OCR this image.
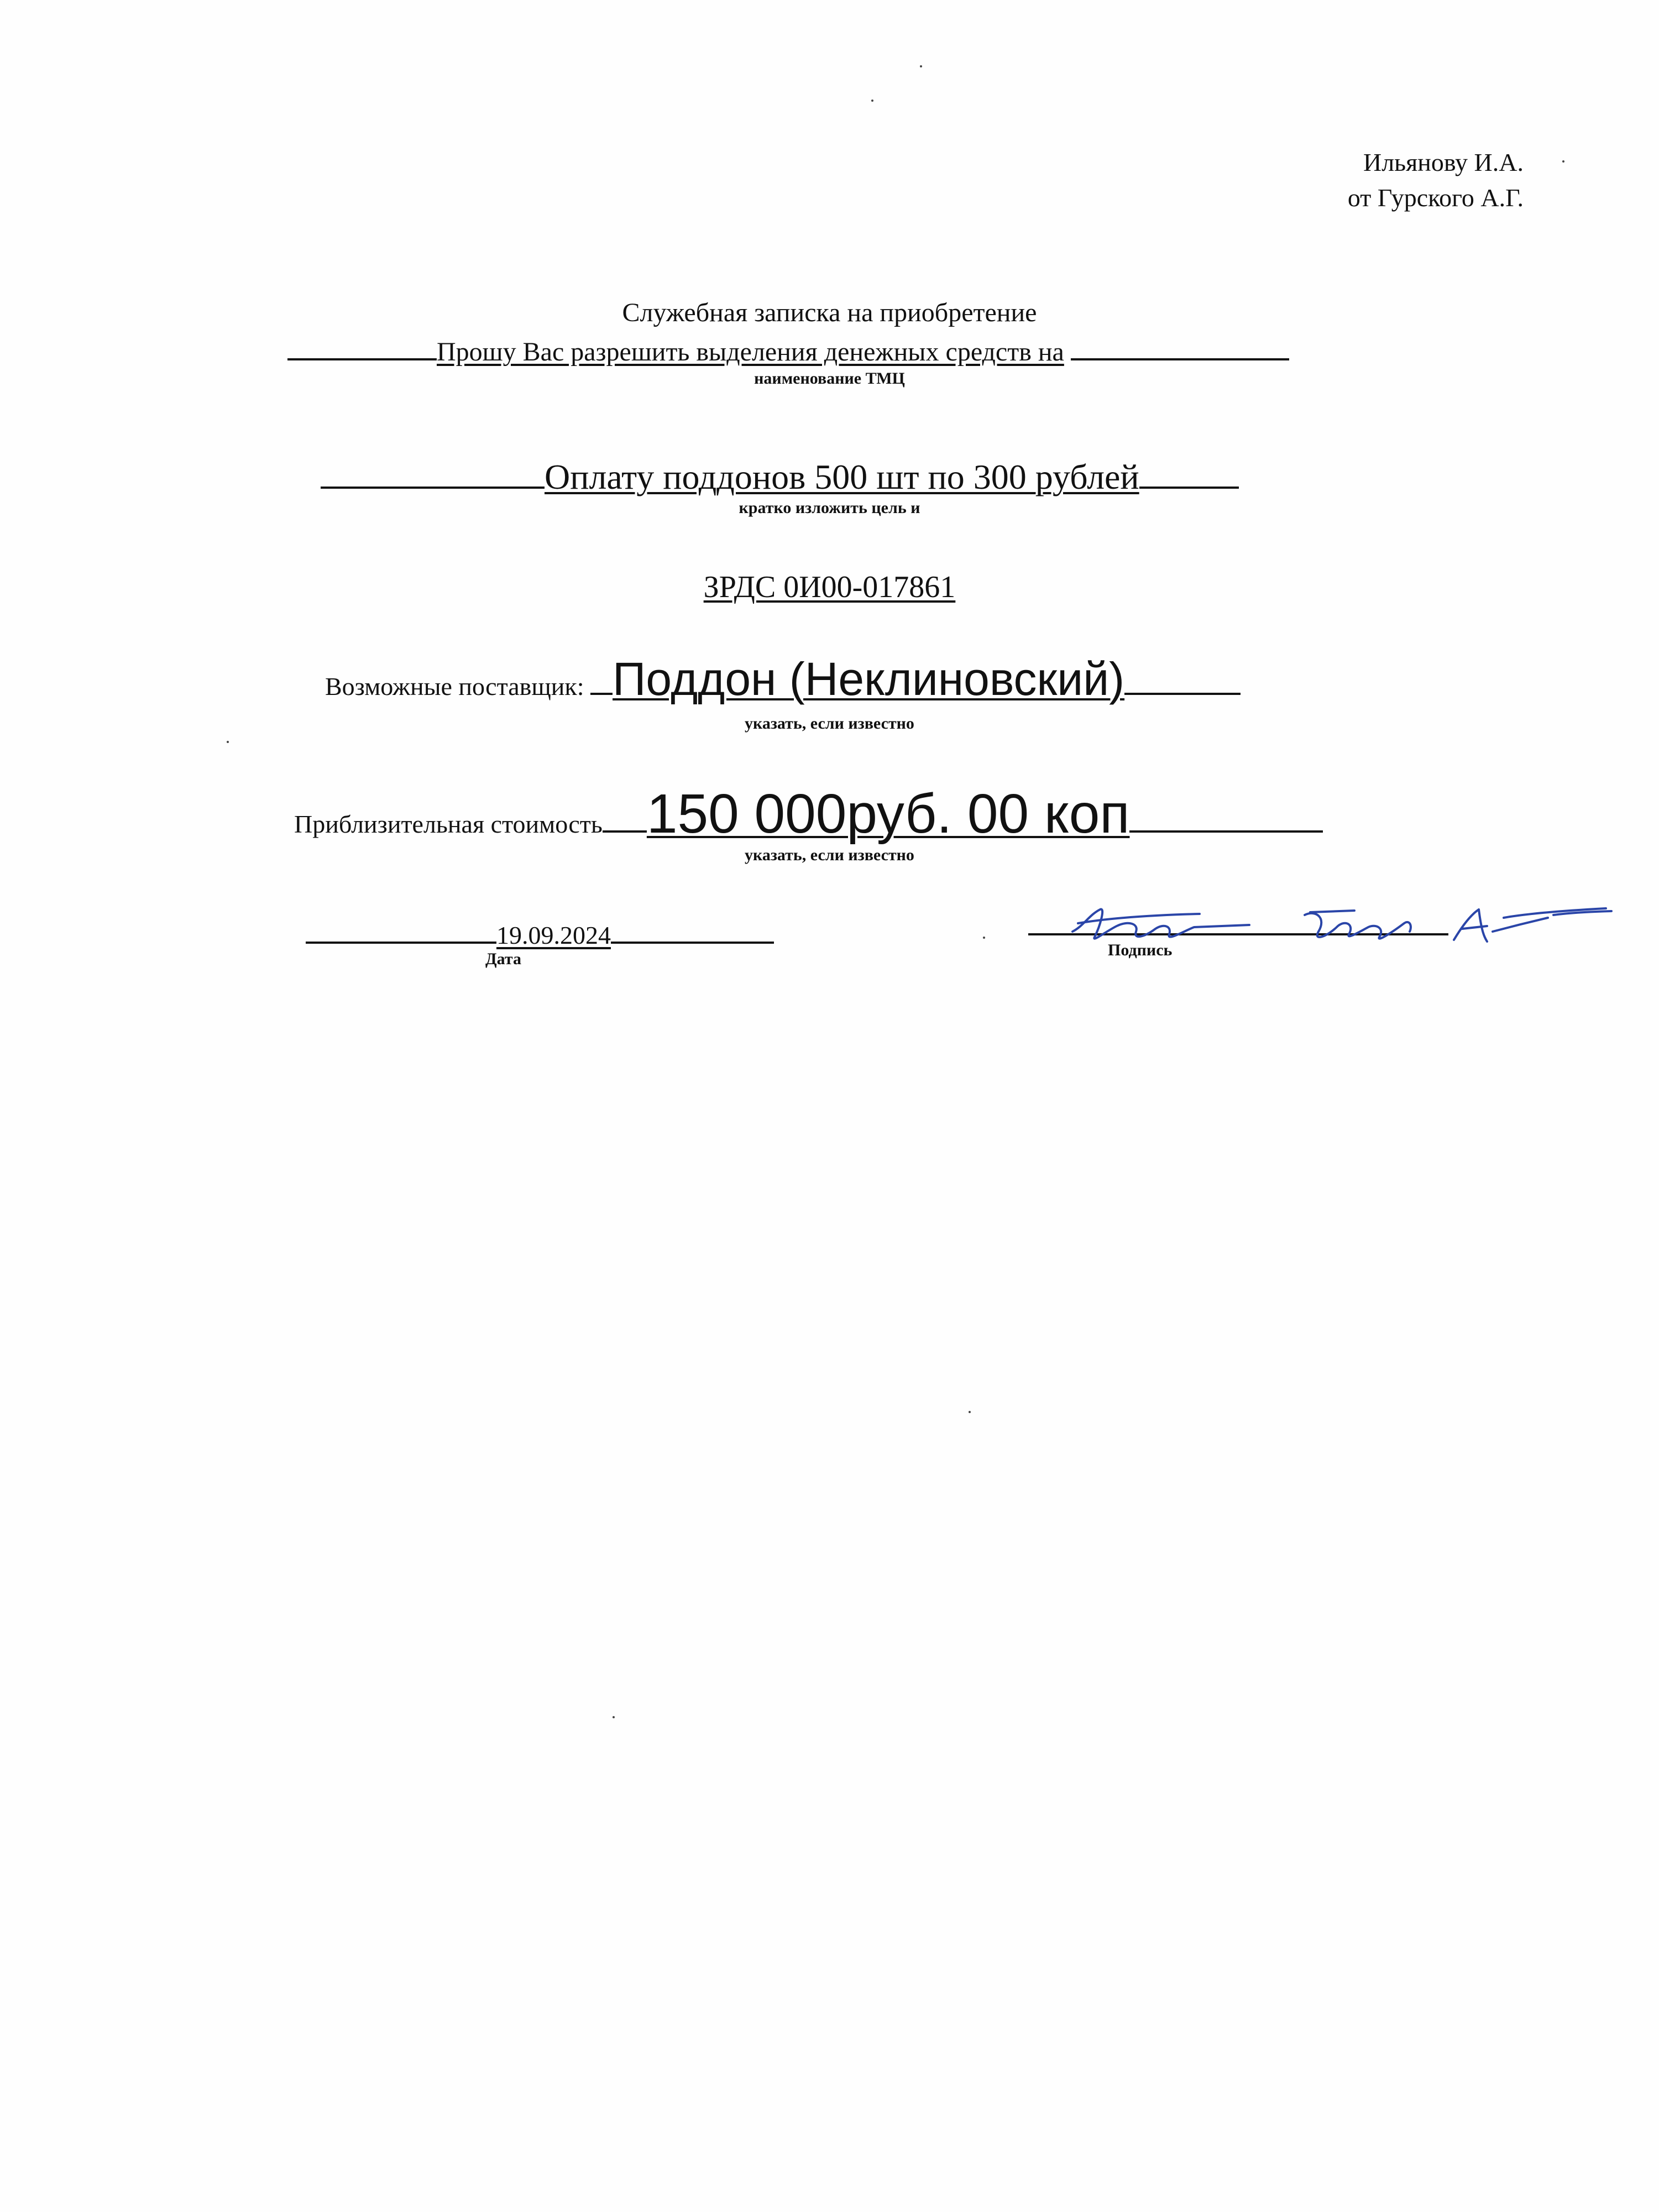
Ильянову И.А.
от Гурского А.Г.
Служебная записка на приобретение
Прошу Вас разрешить выделения денежных средств на
наименование ТМЦ
Оплату поддонов 500 шт по 300 рублей
кратко изложить цель и
ЗРДС 0И00-017861
Возможные поставщик: Поддон (Неклиновский)
указать, если известно
Приблизительная стоимость 150 000руб. 00 коп
указать, если известно
19.09.2024
Дата	Подпись
